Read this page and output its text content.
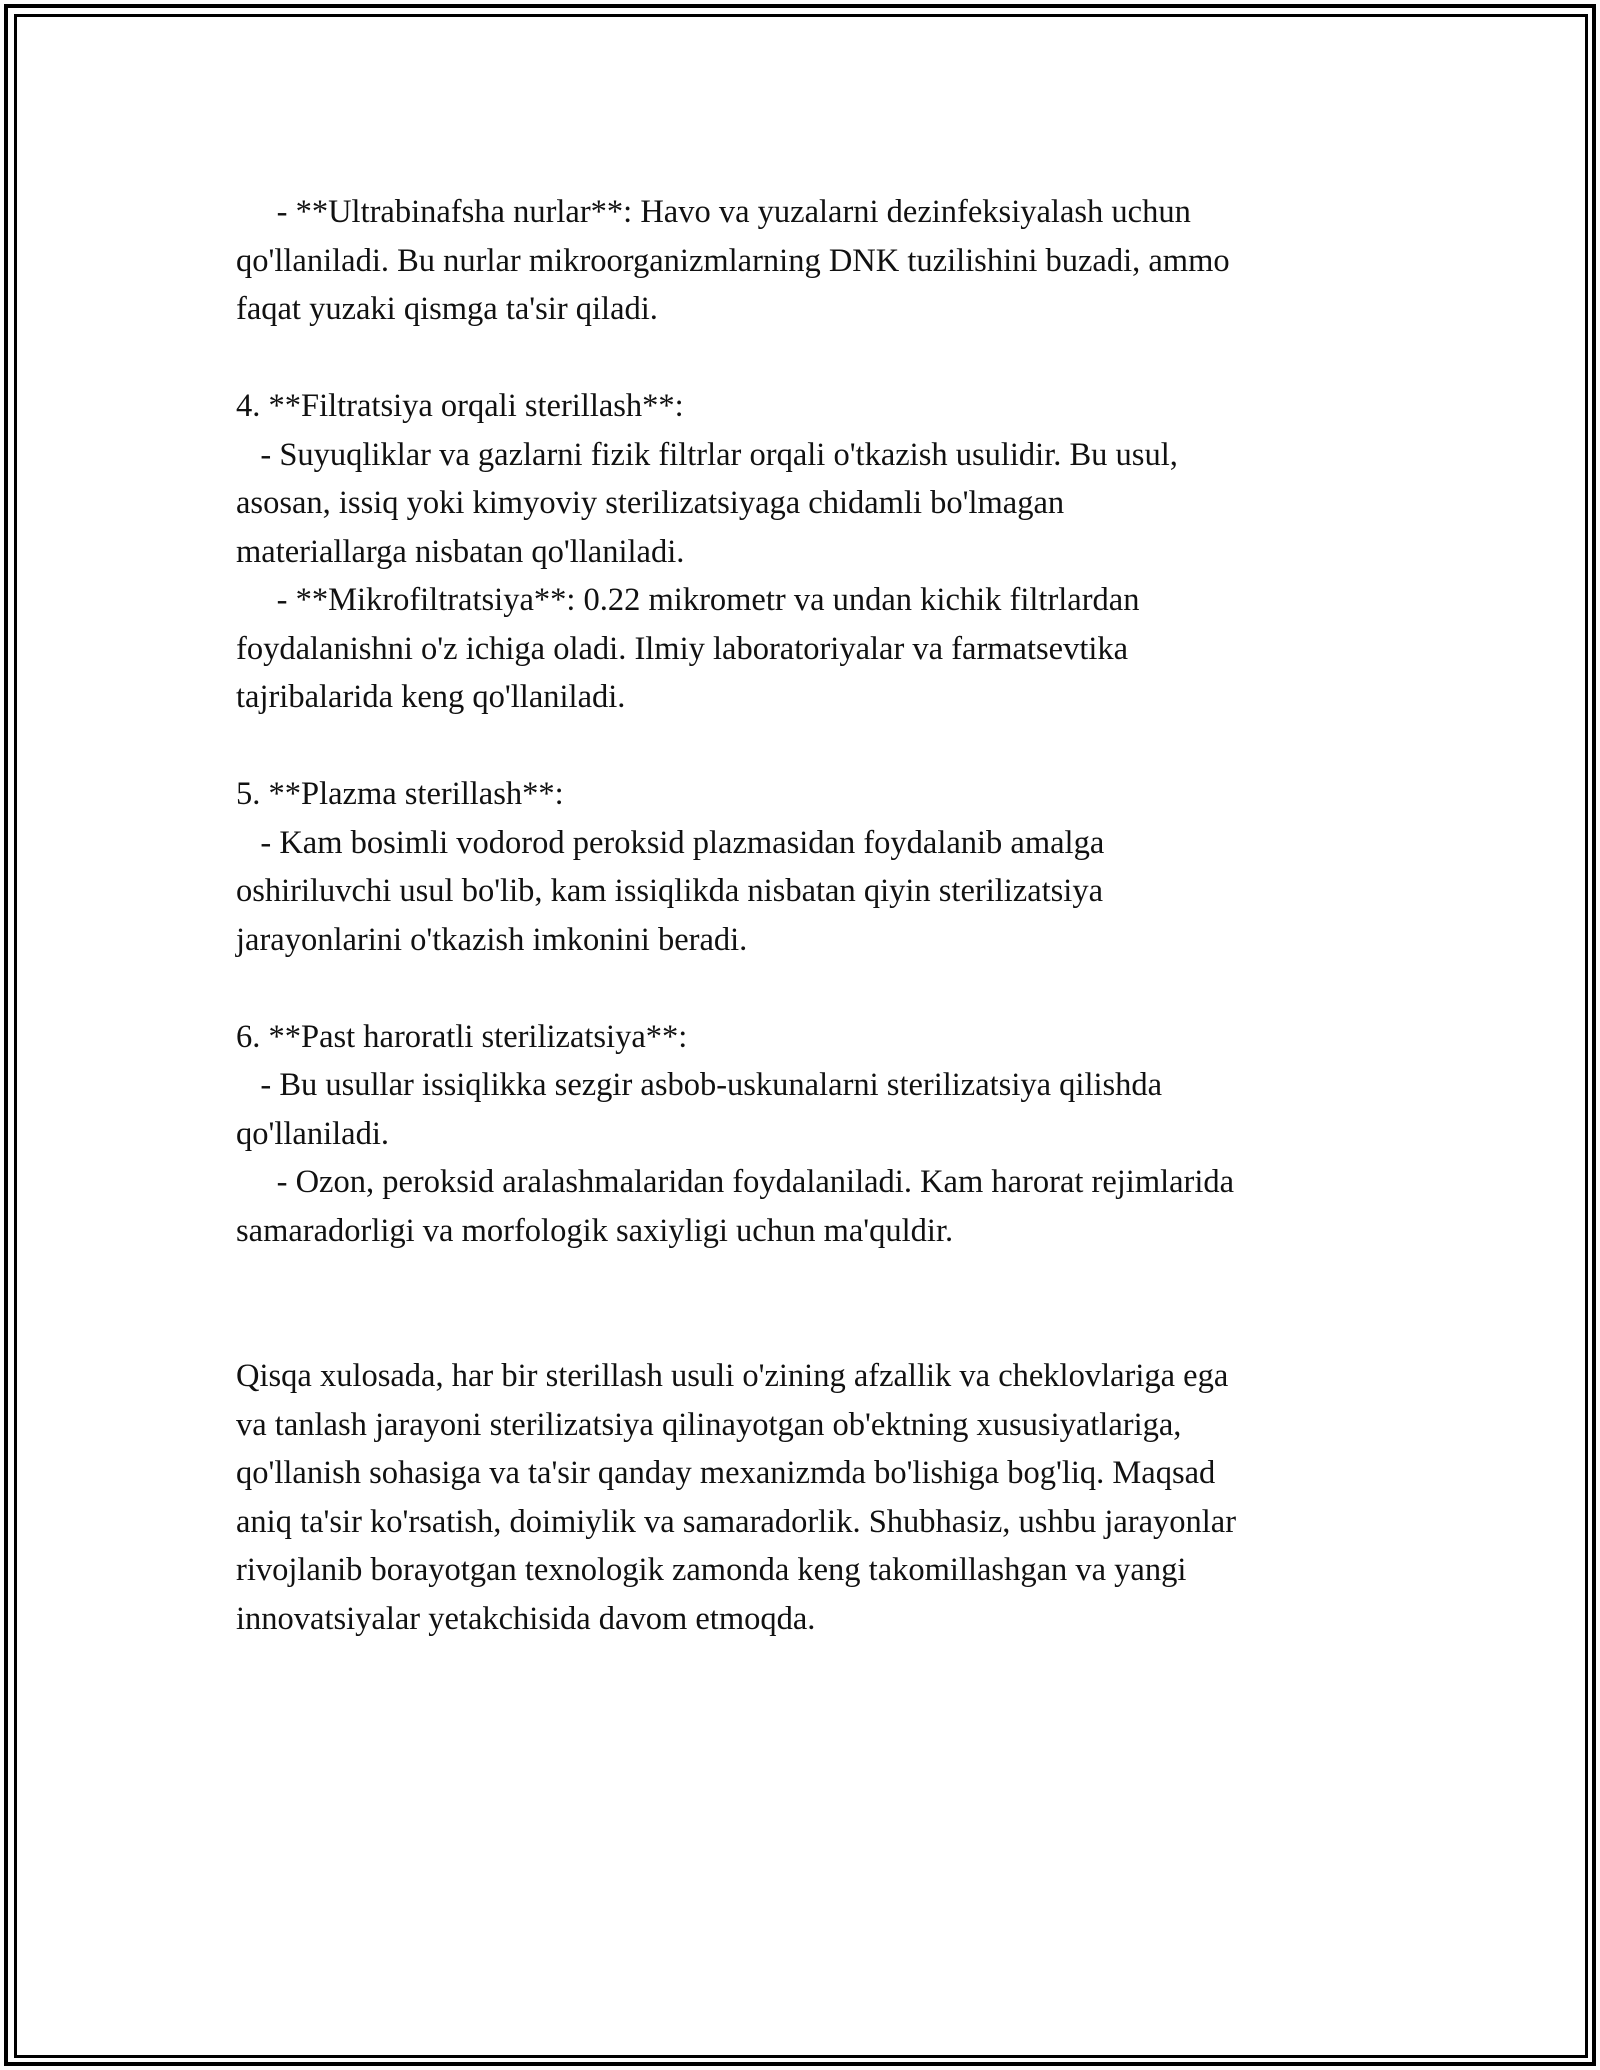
- **Ultrabinafsha nurlar**: Havo va yuzalarni dezinfeksiyalash uchun
qo'llaniladi. Bu nurlar mikroorganizmlarning DNK tuzilishini buzadi, ammo
faqat yuzaki qismga ta'sir qiladi.
4. **Filtratsiya orqali sterillash**:
- Suyuqliklar va gazlarni fizik filtrlar orqali o'tkazish usulidir. Bu usul,
asosan, issiq yoki kimyoviy sterilizatsiyaga chidamli bo'lmagan
materiallarga nisbatan qo'llaniladi.
- **Mikrofiltratsiya**: 0.22 mikrometr va undan kichik filtrlardan
foydalanishni o'z ichiga oladi. Ilmiy laboratoriyalar va farmatsevtika
tajribalarida keng qo'llaniladi.
5. **Plazma sterillash**:
- Kam bosimli vodorod peroksid plazmasidan foydalanib amalga
oshiriluvchi usul bo'lib, kam issiqlikda nisbatan qiyin sterilizatsiya
jarayonlarini o'tkazish imkonini beradi.
6. **Past haroratli sterilizatsiya**:
- Bu usullar issiqlikka sezgir asbob-uskunalarni sterilizatsiya qilishda
qo'llaniladi.
- Ozon, peroksid aralashmalaridan foydalaniladi. Kam harorat rejimlarida
samaradorligi va morfologik saxiyligi uchun ma'quldir.
Qisqa xulosada, har bir sterillash usuli o'zining afzallik va cheklovlariga ega
va tanlash jarayoni sterilizatsiya qilinayotgan ob'ektning xususiyatlariga,
qo'llanish sohasiga va ta'sir qanday mexanizmda bo'lishiga bog'liq. Maqsad
aniq ta'sir ko'rsatish, doimiylik va samaradorlik. Shubhasiz, ushbu jarayonlar
rivojlanib borayotgan texnologik zamonda keng takomillashgan va yangi
innovatsiyalar yetakchisida davom etmoqda.
